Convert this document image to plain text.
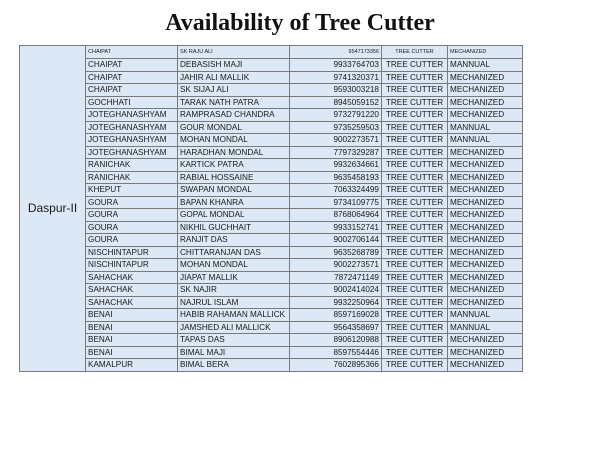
Availability of Tree Cutter
Daspur-II	CHAIPAT	SK RAJU ALI	9547173356	TREE CUTTER	MECHANIZED
	CHAIPAT	DEBASISH MAJI	9933764703	TREE CUTTER	MANNUAL
	CHAIPAT	JAHIR ALI MALLIK	9741320371	TREE CUTTER	MECHANIZED
	CHAIPAT	SK SIJAJ ALI	9593003218	TREE CUTTER	MECHANIZED
	GOCHHATI	TARAK NATH PATRA	8945059152	TREE CUTTER	MECHANIZED
	JOTEGHANASHYAM	RAMPRASAD CHANDRA	9732791220	TREE CUTTER	MECHANIZED
	JOTEGHANASHYAM	GOUR MONDAL	9735259503	TREE CUTTER	MANNUAL
	JOTEGHANASHYAM	MOHAN MONDAL	9002273571	TREE CUTTER	MANNUAL
	JOTEGHANASHYAM	HARADHAN MONDAL	7797329287	TREE CUTTER	MECHANIZED
	RANICHAK	KARTICK PATRA	9932634661	TREE CUTTER	MECHANIZED
	RANICHAK	RABIAL HOSSAINE	9635458193	TREE CUTTER	MECHANIZED
	KHEPUT	SWAPAN MONDAL	7063324499	TREE CUTTER	MECHANIZED
	GOURA	BAPAN KHANRA	9734109775	TREE CUTTER	MECHANIZED
	GOURA	GOPAL MONDAL	8768064964	TREE CUTTER	MECHANIZED
	GOURA	NIKHIL GUCHHAIT	9933152741	TREE CUTTER	MECHANIZED
	GOURA	RANJIT DAS	9002706144	TREE CUTTER	MECHANIZED
	NISCHINTAPUR	CHITTARANJAN DAS	9635268789	TREE CUTTER	MECHANIZED
	NISCHINTAPUR	MOHAN MONDAL	9002273571	TREE CUTTER	MECHANIZED
	SAHACHAK	JIAPAT MALLIK	7872471149	TREE CUTTER	MECHANIZED
	SAHACHAK	SK NAJIR	9002414024	TREE CUTTER	MECHANIZED
	SAHACHAK	NAJRUL ISLAM	9932250964	TREE CUTTER	MECHANIZED
	BENAI	HABIB RAHAMAN MALLICK	8597169028	TREE CUTTER	MANNUAL
	BENAI	JAMSHED ALI MALLICK	9564358697	TREE CUTTER	MANNUAL
	BENAI	TAPAS DAS	8906120988	TREE CUTTER	MECHANIZED
	BENAI	BIMAL MAJI	8597554446	TREE CUTTER	MECHANIZED
	KAMALPUR	BIMAL BERA	7602895366	TREE CUTTER	MECHANIZED
